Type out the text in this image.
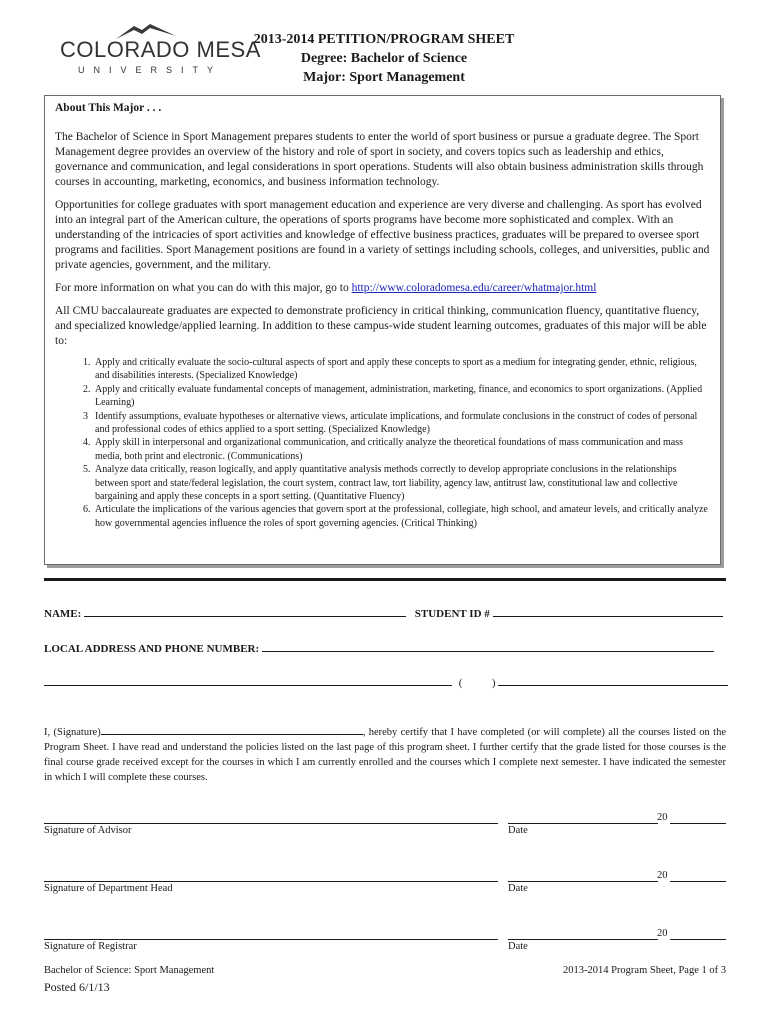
COLORADO MESA
UNIVERSITY
2013-2014 PETITION/PROGRAM SHEET
Degree: Bachelor of Science
Major: Sport Management
About This Major . . .

The Bachelor of Science in Sport Management prepares students to enter the world of sport business or pursue a graduate degree. The Sport Management degree provides an overview of the history and role of sport in society, and covers topics such as leadership and ethics, governance and communication, and legal considerations in sport operations. Students will also obtain business administration skills through courses in accounting, marketing, economics, and business information technology.

Opportunities for college graduates with sport management education and experience are very diverse and challenging. As sport has evolved into an integral part of the American culture, the operations of sports programs have become more sophisticated and complex. With an understanding of the intricacies of sport activities and knowledge of effective business practices, graduates will be prepared to oversee sport programs and facilities. Sport Management positions are found in a variety of settings including schools, colleges, and universities, public and private agencies, government, and the military.

For more information on what you can do with this major, go to http://www.coloradomesa.edu/career/whatmajor.html

All CMU baccalaureate graduates are expected to demonstrate proficiency in critical thinking, communication fluency, quantitative fluency, and specialized knowledge/applied learning. In addition to these campus-wide student learning outcomes, graduates of this major will be able to:

1. Apply and critically evaluate the socio-cultural aspects of sport and apply these concepts to sport as a medium for integrating gender, ethnic, religious, and disabilities interests. (Specialized Knowledge)
2. Apply and critically evaluate fundamental concepts of management, administration, marketing, finance, and economics to sport organizations. (Applied Learning)
3 Identify assumptions, evaluate hypotheses or alternative views, articulate implications, and formulate conclusions in the construct of codes of personal and professional codes of ethics applied to a sport setting. (Specialized Knowledge)
4. Apply skill in interpersonal and organizational communication, and critically analyze the theoretical foundations of mass communication and mass media, both print and electronic. (Communications)
5. Analyze data critically, reason logically, and apply quantitative analysis methods correctly to develop appropriate conclusions in the relationships between sport and state/federal legislation, the court system, contract law, tort liability, agency law, antitrust law, constitutional law and collective bargaining and apply these concepts in a sport setting. (Quantitative Fluency)
6. Articulate the implications of the various agencies that govern sport at the professional, collegiate, high school, and amateur levels, and critically analyze how governmental agencies influence the roles of sport governing agencies. (Critical Thinking)
NAME:	STUDENT ID #
LOCAL ADDRESS AND PHONE NUMBER:
(	)
I, (Signature)	, hereby certify that I have completed (or will complete) all the courses listed on the Program Sheet. I have read and understand the policies listed on the last page of this program sheet. I further certify that the grade listed for those courses is the final course grade received except for the courses in which I am currently enrolled and the courses which I complete next semester. I have indicated the semester in which I will complete these courses.
20
Signature of Advisor	Date
20
Signature of Department Head	Date
20
Signature of Registrar	Date
Bachelor of Science: Sport Management	2013-2014 Program Sheet, Page 1 of 3
Posted 6/1/13
